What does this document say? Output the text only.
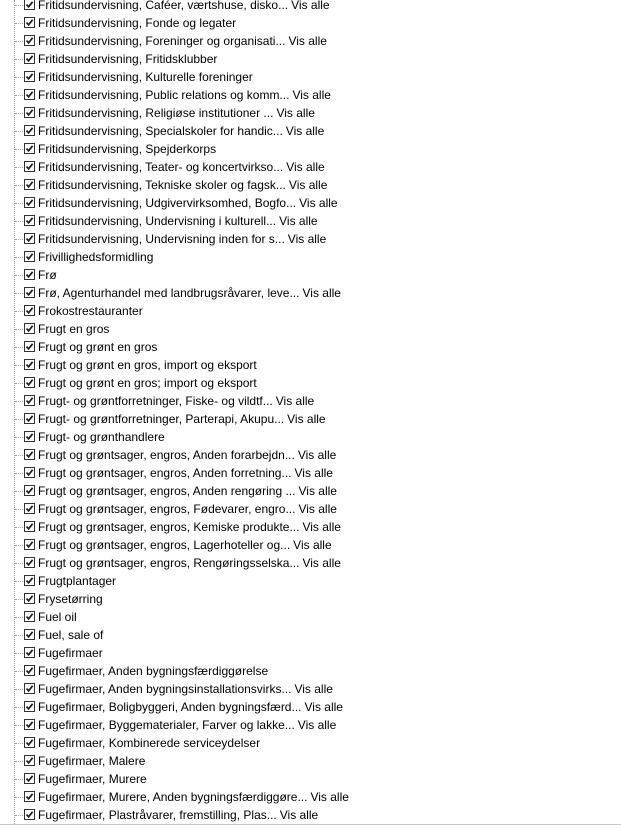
Fritidsundervisning, Caféer, værtshuse, disko... Vis alle
Fritidsundervisning, Fonde og legater
Fritidsundervisning, Foreninger og organisati... Vis alle
Fritidsundervisning, Fritidsklubber
Fritidsundervisning, Kulturelle foreninger
Fritidsundervisning, Public relations og komm... Vis alle
Fritidsundervisning, Religiøse institutioner ... Vis alle
Fritidsundervisning, Specialskoler for handic... Vis alle
Fritidsundervisning, Spejderkorps
Fritidsundervisning, Teater- og koncertvirkso... Vis alle
Fritidsundervisning, Tekniske skoler og fagsk... Vis alle
Fritidsundervisning, Udgivervirksomhed, Bogfo... Vis alle
Fritidsundervisning, Undervisning i kulturell... Vis alle
Fritidsundervisning, Undervisning inden for s... Vis alle
Frivillighedsformidling
Frø
Frø, Agenturhandel med landbrugsråvarer, leve... Vis alle
Frokostrestauranter
Frugt en gros
Frugt og grønt en gros
Frugt og grønt en gros, import og eksport
Frugt og grønt en gros; import og eksport
Frugt- og grøntforretninger, Fiske- og vildtf... Vis alle
Frugt- og grøntforretninger, Parterapi, Akupu... Vis alle
Frugt- og grønthandlere
Frugt og grøntsager, engros, Anden forarbejdn... Vis alle
Frugt og grøntsager, engros, Anden forretning... Vis alle
Frugt og grøntsager, engros, Anden rengøring ... Vis alle
Frugt og grøntsager, engros, Fødevarer, engro... Vis alle
Frugt og grøntsager, engros, Kemiske produkte... Vis alle
Frugt og grøntsager, engros, Lagerhoteller og... Vis alle
Frugt og grøntsager, engros, Rengøringsselska... Vis alle
Frugtplantager
Frysetørring
Fuel oil
Fuel, sale of
Fugefirmaer
Fugefirmaer, Anden bygningsfærdiggørelse
Fugefirmaer, Anden bygningsinstallationsvirks... Vis alle
Fugefirmaer, Boligbyggeri, Anden bygningsfærd... Vis alle
Fugefirmaer, Byggematerialer, Farver og lakke... Vis alle
Fugefirmaer, Kombinerede serviceydelser
Fugefirmaer, Malere
Fugefirmaer, Murere
Fugefirmaer, Murere, Anden bygningsfærdiggøre... Vis alle
Fugefirmaer, Plastråvarer, fremstilling, Plas... Vis alle
